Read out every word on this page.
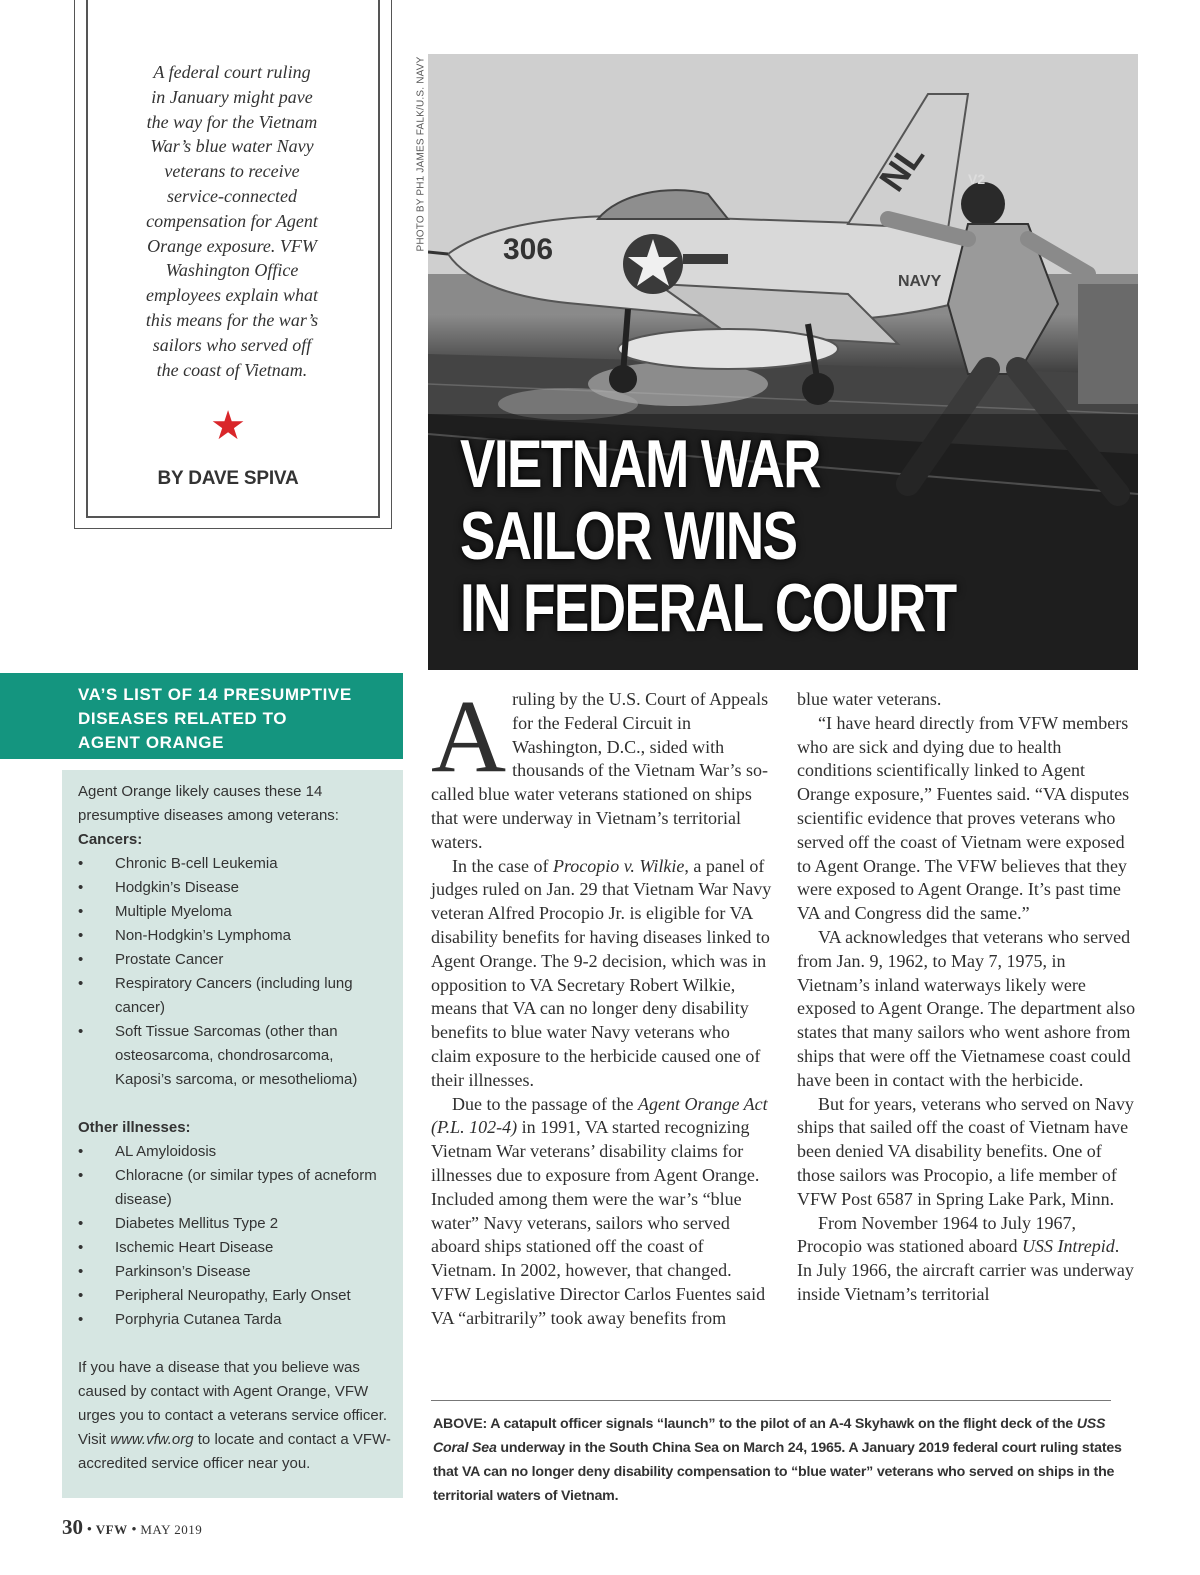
A federal court ruling
in January might pave
the way for the Vietnam
War’s blue water Navy
veterans to receive
service-connected
compensation for Agent
Orange exposure. VFW
Washington Office
employees explain what
this means for the war’s
sailors who served off
the coast of Vietnam.
★
BY DAVE SPIVA
PHOTO BY PH1 JAMES FALK/U.S. NAVY	306
NL
NAVY
V2
VIETNAM WAR
SAILOR WINS
IN FEDERAL COURT
VA’S LIST OF 14 PRESUMPTIVE
DISEASES RELATED TO
AGENT ORANGE

Agent Orange likely causes these 14 presumptive diseases among veterans:

Cancers:

• Chronic B-cell Leukemia
• Hodgkin’s Disease
• Multiple Myeloma
• Non-Hodgkin’s Lymphoma
• Prostate Cancer
• Respiratory Cancers (including lung cancer)
• Soft Tissue Sarcomas (other than osteosarcoma, chondrosarcoma, Kaposi’s sarcoma, or mesothelioma)

Other illnesses:

• AL Amyloidosis
• Chloracne (or similar types of acneform disease)
• Diabetes Mellitus Type 2
• Ischemic Heart Disease
• Parkinson’s Disease
• Peripheral Neuropathy, Early Onset
• Porphyria Cutanea Tarda

If you have a disease that you believe was caused by contact with Agent Orange, VFW urges you to contact a veterans service officer. Visit www.vfw.org to locate and contact a VFW-accredited service officer near you.

Aruling by the U.S. Court of Appeals for the Federal Circuit in Washington, D.C., sided with thousands of the Vietnam War’s so-called blue water veterans stationed on ships that were underway in Vietnam’s territorial waters.

In the case of Procopio v. Wilkie, a panel of judges ruled on Jan. 29 that Vietnam War Navy veteran Alfred Procopio Jr. is eligible for VA disability benefits for having diseases linked to Agent Orange. The 9-2 decision, which was in opposition to VA Secretary Robert Wilkie, means that VA can no longer deny disability benefits to blue water Navy veterans who claim exposure to the herbicide caused one of their illnesses.

Due to the passage of the Agent Orange Act (P.L. 102-4) in 1991, VA started recognizing Vietnam War veterans’ disability claims for illnesses due to exposure from Agent Orange. Included among them were the war’s “blue water” Navy veterans, sailors who served aboard ships stationed off the coast of Vietnam. In 2002, however, that changed. VFW Legislative Director Carlos Fuentes said VA “arbitrarily” took away benefits from

blue water veterans.

“I have heard directly from VFW members who are sick and dying due to health conditions scientifically linked to Agent Orange exposure,” Fuentes said. “VA disputes scientific evidence that proves veterans who served off the coast of Vietnam were exposed to Agent Orange. The VFW believes that they were exposed to Agent Orange. It’s past time VA and Congress did the same.”

VA acknowledges that veterans who served from Jan. 9, 1962, to May 7, 1975, in Vietnam’s inland waterways likely were exposed to Agent Orange. The department also states that many sailors who went ashore from ships that were off the Vietnamese coast could have been in contact with the herbicide.

But for years, veterans who served on Navy ships that sailed off the coast of Vietnam have been denied VA disability benefits. One of those sailors was Procopio, a life member of VFW Post 6587 in Spring Lake Park, Minn.

From November 1964 to July 1967, Procopio was stationed aboard USS Intrepid. In July 1966, the aircraft carrier was underway inside Vietnam’s territorial

ABOVE: A catapult officer signals “launch” to the pilot of an A-4 Skyhawk on the flight deck of the USS Coral Sea underway in the South China Sea on March 24, 1965. A January 2019 federal court ruling states that VA can no longer deny disability compensation to “blue water” veterans who served on ships in the territorial waters of Vietnam.
30 • VFW • MAY 2019
